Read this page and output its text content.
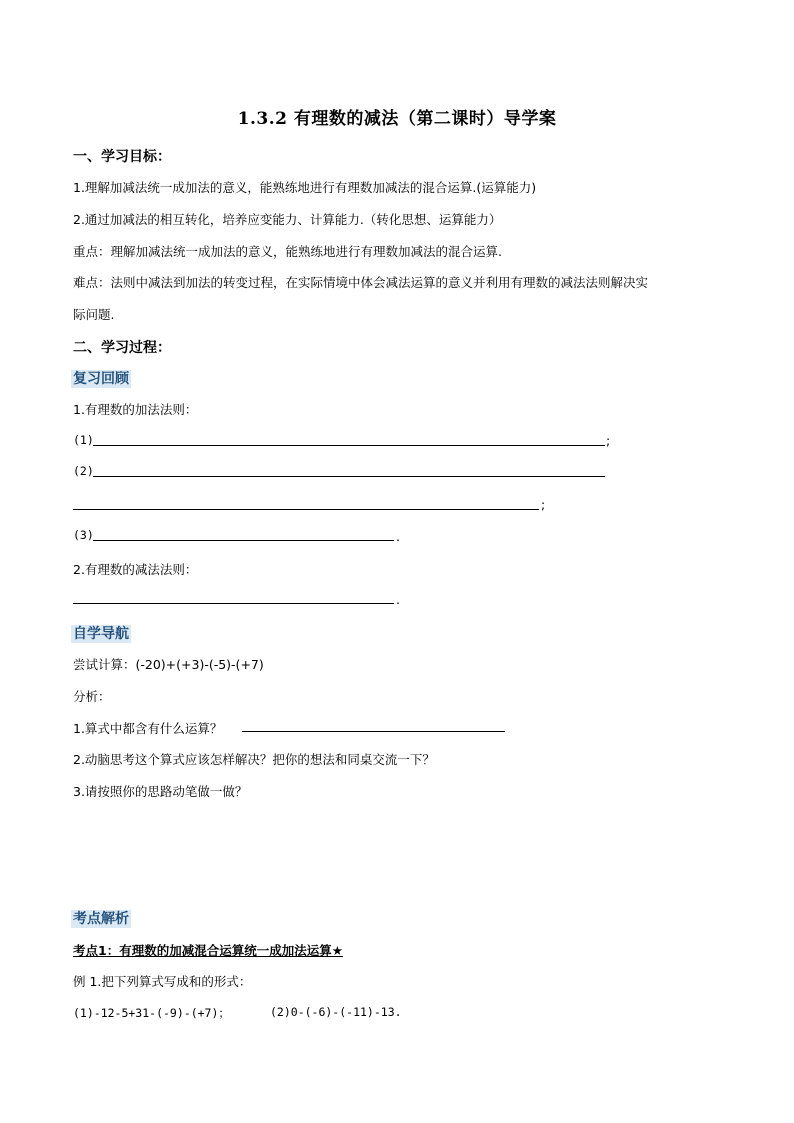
1.3.2 有理数的减法（第二课时）导学案
一、学习目标：
1.理解加减法统一成加法的意义，能熟练地进行有理数加减法的混合运算.(运算能力)
2.通过加减法的相互转化，培养应变能力、计算能力.（转化思想、运算能力）
重点：理解加减法统一成加法的意义，能熟练地进行有理数加减法的混合运算.
难点：法则中减法到加法的转变过程，在实际情境中体会减法运算的意义并利用有理数的减法法则解决实
际问题.
二、学习过程：
复习回顾
1.有理数的加法法则：
(1)	;
(2)
;
(3)	.
2.有理数的减法法则：
.
自学导航
尝试计算：(-20)+(+3)-(-5)-(+7)
分析：
1.算式中都含有什么运算？
2.动脑思考这个算式应该怎样解决？把你的想法和同桌交流一下？
3.请按照你的思路动笔做一做？
考点解析
考点1：有理数的加减混合运算统一成加法运算★
例 1.把下列算式写成和的形式：
(1)-12-5+31-(-9)-(+7)；	(2)0-(-6)-(-11)-13.
